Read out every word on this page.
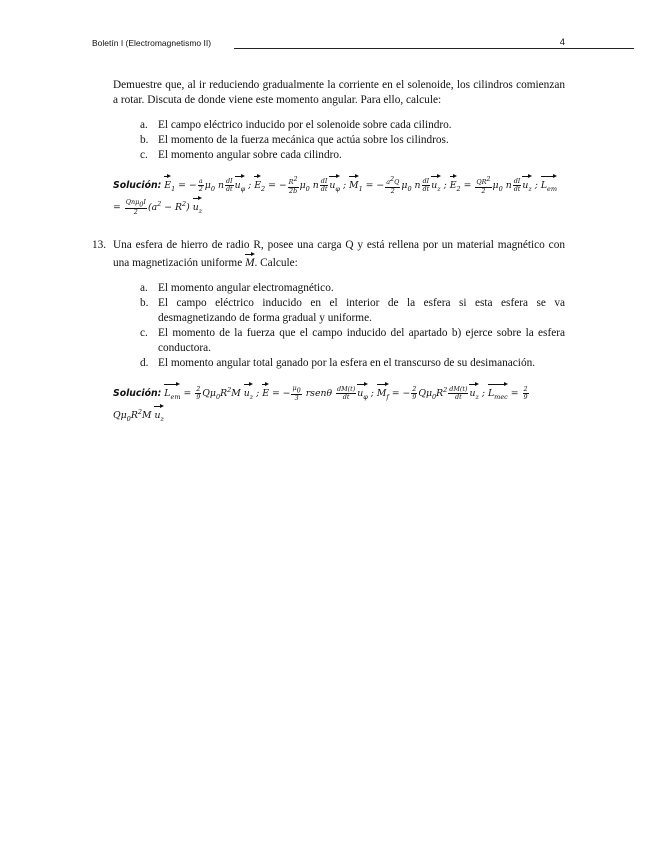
Boletín I (Electromagnetismo II)	4

Demuestre que, al ir reduciendo gradualmente la corriente en el solenoide, los cilindros comienzan a rotar. Discuta de donde viene este momento angular. Para ello, calcule:

a. El campo eléctrico inducido por el solenoide sobre cada cilindro.
b. El momento de la fuerza mecánica que actúa sobre los cilindros.
c. El momento angular sobre cada cilindro.

Solución: $E_1$ = − $\frac{a}{2} \mu_0$ n $\frac{dI}{dt} u_\varphi$ ; $E_2$ = − $\frac{R^2}{2b} \mu_0$ n $\frac{dI}{dt} u_\varphi$ ; $M_1$ = − $\frac{a^2Q}{2} \mu_0$ n $\frac{dI}{dt} u_z$ ; $E_2 = \frac{QR^2}{2} \mu_0$ n $\frac{dI}{dt} u_z$ ; $L_{em}$ =
Qnμ$_0$I
2	$(a^2 - R^2)$ $u_z$

13. Una esfera de hierro de radio R, posee una carga Q y está rellena por un material magnético con una magnetización uniforme M. Calcule:
a. El momento angular electromagnético.
b. El campo eléctrico inducido en el interior de la esfera si esta esfera se va desmagnetizando de forma gradual y uniforme.
c. El momento de la fuerza que el campo inducido del apartado b) ejerce sobre la esfera conductora.
d. El momento angular total ganado por la esfera en el transcurso de su desimanación.

Solución: $L_{em} = \frac{2}{9} Q\mu_0R^2M$ $u_z$ ; E = − $\frac{\mu_0}{3}$ rsenθ $\frac{dM(t)}{dt} u_\varphi$ ; $M_f$ = − $\frac{2}{9} Q\mu_0R^2 \frac{dM(t)}{dt} u_z$ ; $L_{mec} = \frac{2}{9}$
$Q\mu_0R^2M$ $u_z$
